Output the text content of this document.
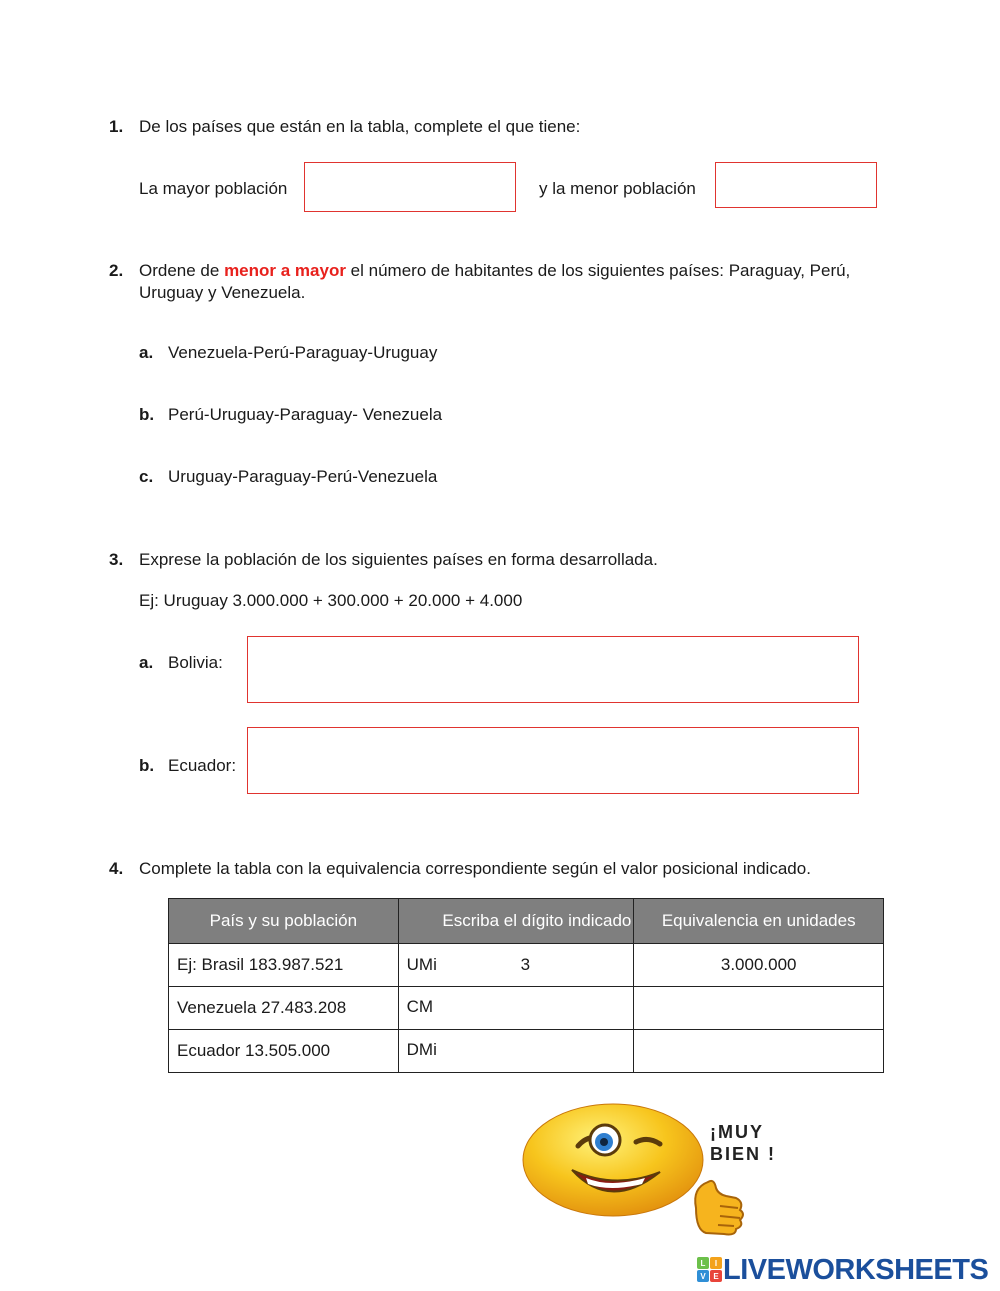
1. De los países que están en la tabla, complete el que tiene:
La mayor población	y la menor población
2. Ordene de menor a mayor el número de habitantes de los siguientes países: Paraguay, Perú,
Uruguay y Venezuela.
a. Venezuela-Perú-Paraguay-Uruguay
b. Perú-Uruguay-Paraguay- Venezuela
c. Uruguay-Paraguay-Perú-Venezuela
3. Exprese la población de los siguientes países en forma desarrollada.
Ej: Uruguay 3.000.000 + 300.000 + 20.000 + 4.000
a. Bolivia:
b. Ecuador:
4. Complete la tabla con la equivalencia correspondiente según el valor posicional indicado.
País y su población	Escriba el dígito indicado	Equivalencia en unidades
Ej: Brasil 183.987.521	UMi 3	3.000.000
Venezuela 27.483.208	CM	
Ecuador 13.505.000	DMi	
¡MUY
BIEN !
L I
V E LIVEWORKSHEETS
